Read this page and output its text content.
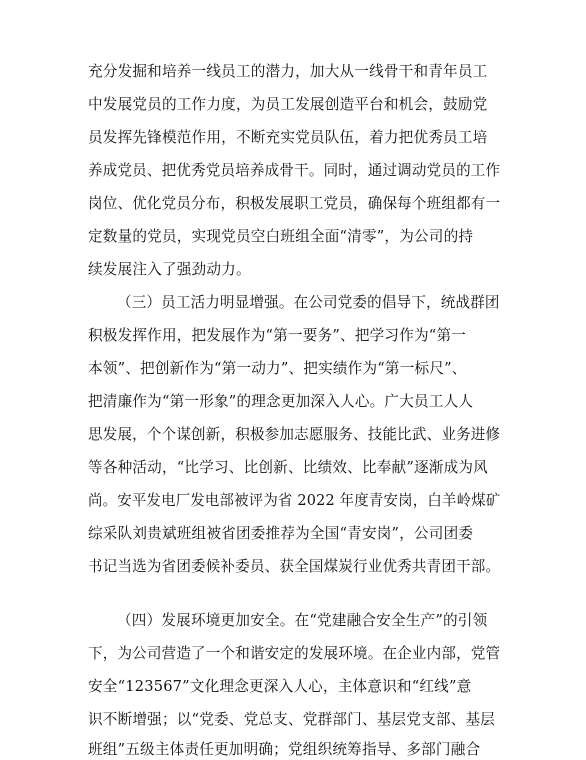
充分发掘和培养一线员工的潜力，加大从一线骨干和青年员工
中发展党员的工作力度，为员工发展创造平台和机会，鼓励党
员发挥先锋模范作用，不断充实党员队伍，着力把优秀员工培
养成党员、把优秀党员培养成骨干。同时，通过调动党员的工作
岗位、优化党员分布，积极发展职工党员，确保每个班组都有一
定数量的党员，实现党员空白班组全面“清零”，为公司的持
续发展注入了强劲动力。
（三）员工活力明显增强。在公司党委的倡导下，统战群团
积极发挥作用，把发展作为“第一要务”、把学习作为“第一
本领”、把创新作为“第一动力”、把实绩作为“第一标尺”、
把清廉作为“第一形象”的理念更加深入人心。广大员工人人
思发展，个个谋创新，积极参加志愿服务、技能比武、业务进修
等各种活动，“比学习、比创新、比绩效、比奉献”逐渐成为风
尚。安平发电厂发电部被评为省 2022 年度青安岗，白羊岭煤矿
综采队刘贵斌班组被省团委推荐为全国“青安岗”，公司团委
书记当选为省团委候补委员、获全国煤炭行业优秀共青团干部。
（四）发展环境更加安全。在“党建融合安全生产”的引领
下，为公司营造了一个和谐安定的发展环境。在企业内部，党管
安全“123567”文化理念更深入人心，主体意识和“红线”意
识不断增强；以“党委、党总支、党群部门、基层党支部、基层
班组”五级主体责任更加明确；党组织统筹指导、多部门融合
